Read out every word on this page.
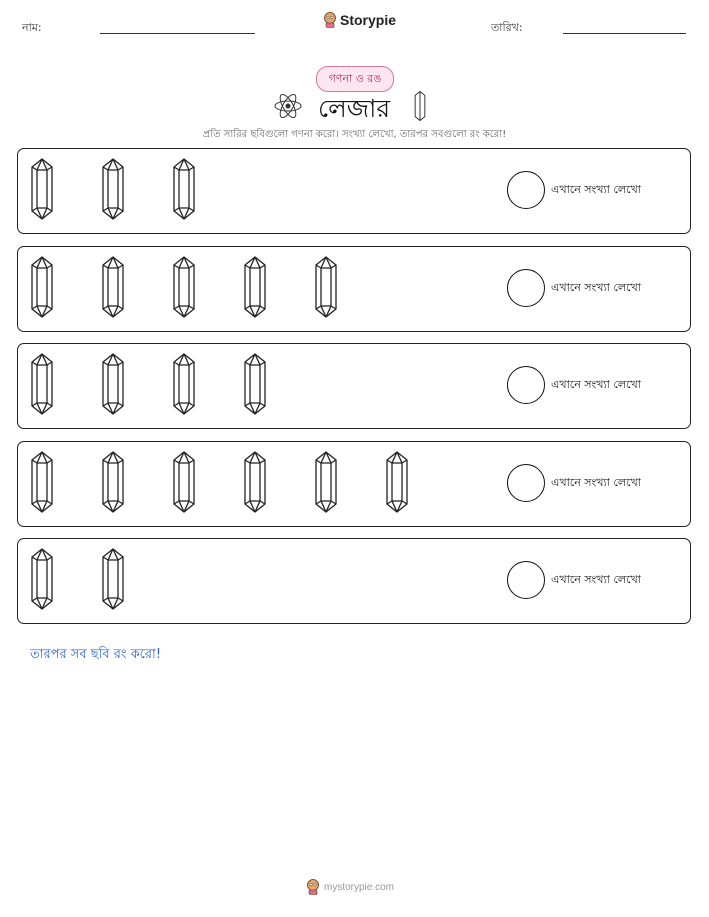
নাম:	Storypie	তারিখ:
গণনা ও রঙ
লেজার
প্রতি সারির ছবিগুলো গণনা করো। সংখ্যা লেখো, তারপর সবগুলো রং করো!
এখানে সংখ্যা লেখো
এখানে সংখ্যা লেখো
এখানে সংখ্যা লেখো
এখানে সংখ্যা লেখো
এখানে সংখ্যা লেখো
তারপর সব ছবি রং করো!
mystorypie.com
